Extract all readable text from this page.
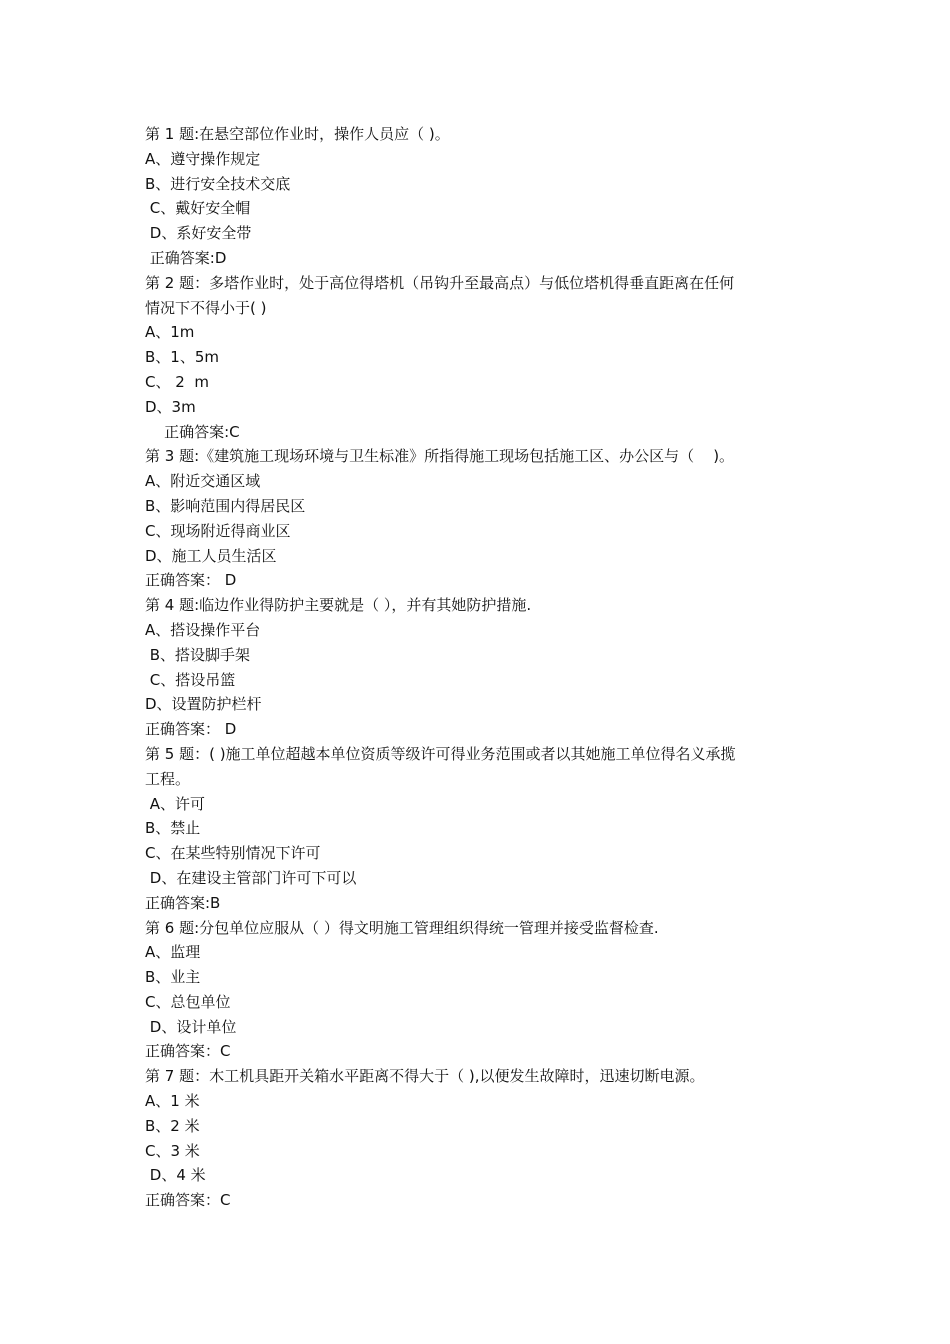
第 1 题:在悬空部位作业时，操作人员应（ )。
A、遵守操作规定
B、进行安全技术交底
C、戴好安全帽
D、系好安全带
正确答案:D
第 2 题：多塔作业时，处于高位得塔机（吊钩升至最高点）与低位塔机得垂直距离在任何
情况下不得小于( )
A、1m
B、1、5m
C、 2  m
D、3m
正确答案:C
第 3 题:《建筑施工现场环境与卫生标准》所指得施工现场包括施工区、办公区与（    )。
A、附近交通区域
B、影响范围内得居民区
C、现场附近得商业区
D、施工人员生活区
正确答案： D
第 4 题:临边作业得防护主要就是（ ），并有其她防护措施.
A、搭设操作平台
B、搭设脚手架
C、搭设吊篮
D、设置防护栏杆
正确答案： D
第 5 题：( )施工单位超越本单位资质等级许可得业务范围或者以其她施工单位得名义承揽
工程。
A、许可
B、禁止
C、在某些特别情况下许可
D、在建设主管部门许可下可以
正确答案:B
第 6 题:分包单位应服从（ ）得文明施工管理组织得统一管理并接受监督检查.
A、监理
B、业主
C、总包单位
D、设计单位
正确答案：C
第 7 题：木工机具距开关箱水平距离不得大于（ ),以便发生故障时，迅速切断电源。
A、1 米
B、2 米
C、3 米
D、4 米
正确答案：C
